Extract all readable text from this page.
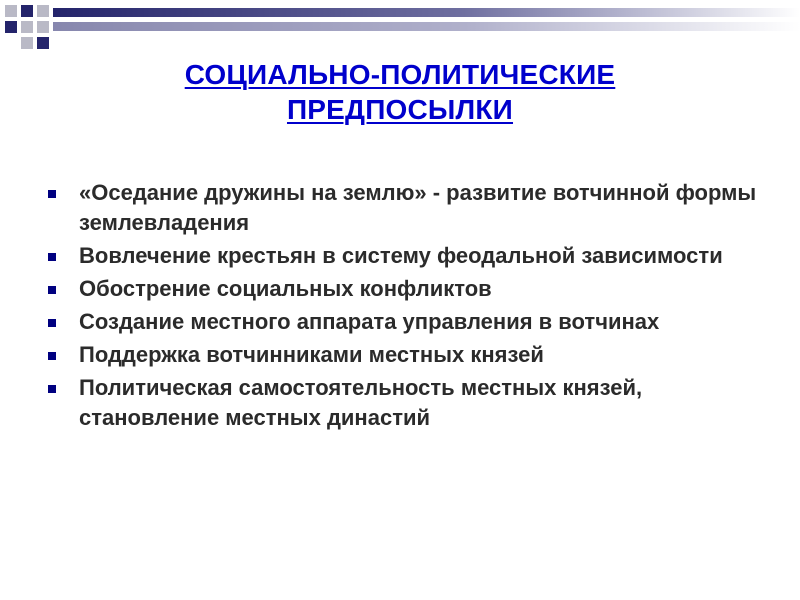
СОЦИАЛЬНО-ПОЛИТИЧЕСКИЕ
ПРЕДПОСЫЛКИ
«Оседание дружины на землю» - развитие вотчинной формы землевладения
Вовлечение крестьян в систему феодальной зависимости
Обострение социальных конфликтов
Создание местного аппарата управления в вотчинах
Поддержка вотчинниками местных князей
Политическая самостоятельность местных князей, становление местных династий
